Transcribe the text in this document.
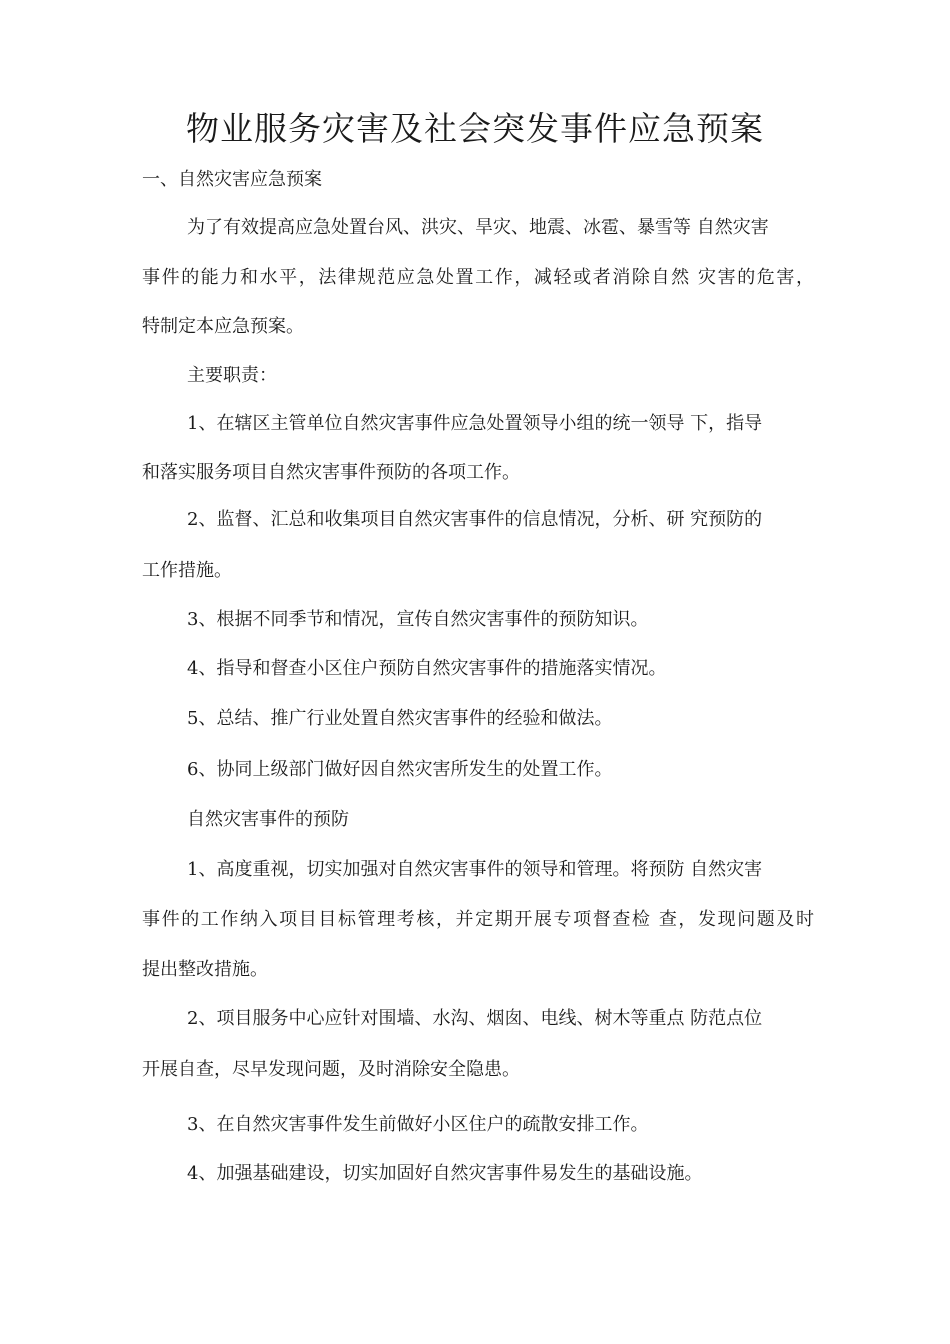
物业服务灾害及社会突发事件应急预案

一、自然灾害应急预案

为了有效提高应急处置台风、洪灾、旱灾、地震、冰雹、暴雪等 自然灾害

事件的能力和水平，法律规范应急处置工作，减轻或者消除自然 灾害的危害，

特制定本应急预案。

主要职责：

1、在辖区主管单位自然灾害事件应急处置领导小组的统一领导 下，指导

和落实服务项目自然灾害事件预防的各项工作。

2、监督、汇总和收集项目自然灾害事件的信息情况，分析、研 究预防的

工作措施。

3、根据不同季节和情况，宣传自然灾害事件的预防知识。

4、指导和督查小区住户预防自然灾害事件的措施落实情况。

5、总结、推广行业处置自然灾害事件的经验和做法。

6、协同上级部门做好因自然灾害所发生的处置工作。

自然灾害事件的预防

1、高度重视，切实加强对自然灾害事件的领导和管理。将预防 自然灾害

事件的工作纳入项目目标管理考核，并定期开展专项督查检 查，发现问题及时

提出整改措施。

2、项目服务中心应针对围墙、水沟、烟囱、电线、树木等重点 防范点位

开展自查，尽早发现问题，及时消除安全隐患。

3、在自然灾害事件发生前做好小区住户的疏散安排工作。

4、加强基础建设，切实加固好自然灾害事件易发生的基础设施。
